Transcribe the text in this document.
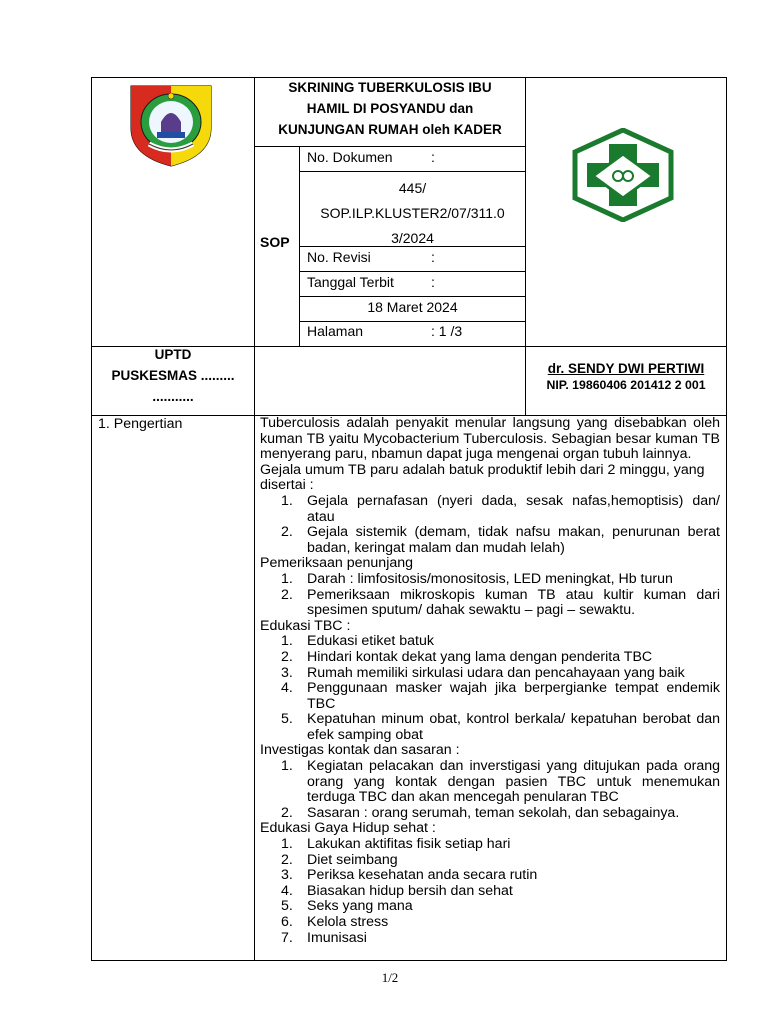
SKRINING TUBERKULOSIS IBU
HAMIL DI POSYANDU dan
KUNJUNGAN RUMAH oleh KADER
SOP
No. Dokumen	:
445/
SOP.ILP.KLUSTER2/07/311.0
3/2024
No. Revisi	:
Tanggal Terbit	:
18 Maret 2024
Halaman	: 1 /3
UPTD
PUSKESMAS .........
...........
dr. SENDY DWI PERTIWI
NIP. 19860406 201412 2 001
1. Pengertian	Tuberculosis adalah penyakit menular langsung yang disebabkan oleh kuman TB yaitu Mycobacterium Tuberculosis. Sebagian besar kuman TB menyerang paru, nbamun dapat juga mengenai organ tubuh lainnya.
Gejala umum TB paru adalah batuk produktif lebih dari 2 minggu, yang disertai :
1. Gejala pernafasan (nyeri dada, sesak nafas,hemoptisis) dan/ atau
2. Gejala sistemik (demam, tidak nafsu makan, penurunan berat badan, keringat malam dan mudah lelah)
Pemeriksaan penunjang
1. Darah : limfositosis/monositosis, LED meningkat, Hb turun
2. Pemeriksaan mikroskopis kuman TB atau kultir kuman dari spesimen sputum/ dahak sewaktu – pagi – sewaktu.
Edukasi TBC :
1. Edukasi etiket batuk
2. Hindari kontak dekat yang lama dengan penderita TBC
3. Rumah memiliki sirkulasi udara dan pencahayaan yang baik
4. Penggunaan masker wajah jika berpergianke tempat endemik TBC
5. Kepatuhan minum obat, kontrol berkala/ kepatuhan berobat dan efek samping obat
Investigas kontak dan sasaran :
1. Kegiatan pelacakan dan inverstigasi yang ditujukan pada orang orang yang kontak dengan pasien TBC untuk menemukan terduga TBC dan akan mencegah penularan TBC
2. Sasaran : orang serumah, teman sekolah, dan sebagainya.
Edukasi Gaya Hidup sehat :
1. Lakukan aktifitas fisik setiap hari
2. Diet seimbang
3. Periksa kesehatan anda secara rutin
4. Biasakan hidup bersih dan sehat
5. Seks yang mana
6. Kelola stress
7. Imunisasi
1/2
